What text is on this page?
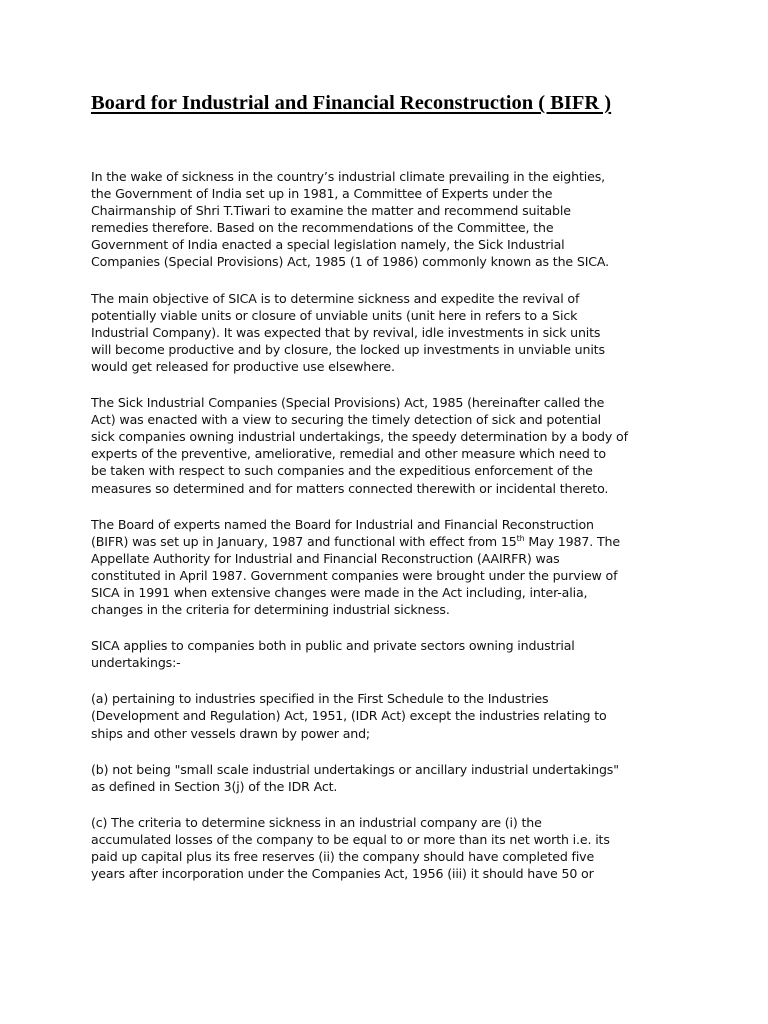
Board for Industrial and Financial Reconstruction ( BIFR )

In the wake of sickness in the country’s industrial climate prevailing in the eighties,
the Government of India set up in 1981, a Committee of Experts under the
Chairmanship of Shri T.Tiwari to examine the matter and recommend suitable
remedies therefore. Based on the recommendations of the Committee, the
Government of India enacted a special legislation namely, the Sick Industrial
Companies (Special Provisions) Act, 1985 (1 of 1986) commonly known as the SICA.

The main objective of SICA is to determine sickness and expedite the revival of
potentially viable units or closure of unviable units (unit here in refers to a Sick
Industrial Company). It was expected that by revival, idle investments in sick units
will become productive and by closure, the locked up investments in unviable units
would get released for productive use elsewhere.

The Sick Industrial Companies (Special Provisions) Act, 1985 (hereinafter called the
Act) was enacted with a view to securing the timely detection of sick and potential
sick companies owning industrial undertakings, the speedy determination by a body of
experts of the preventive, ameliorative, remedial and other measure which need to
be taken with respect to such companies and the expeditious enforcement of the
measures so determined and for matters connected therewith or incidental thereto.

The Board of experts named the Board for Industrial and Financial Reconstruction
(BIFR) was set up in January, 1987 and functional with effect from 15th May 1987. The
Appellate Authority for Industrial and Financial Reconstruction (AAIRFR) was
constituted in April 1987. Government companies were brought under the purview of
SICA in 1991 when extensive changes were made in the Act including, inter-alia,
changes in the criteria for determining industrial sickness.

SICA applies to companies both in public and private sectors owning industrial
undertakings:-

(a) pertaining to industries specified in the First Schedule to the Industries
(Development and Regulation) Act, 1951, (IDR Act) except the industries relating to
ships and other vessels drawn by power and;

(b) not being "small scale industrial undertakings or ancillary industrial undertakings"
as defined in Section 3(j) of the IDR Act.

(c) The criteria to determine sickness in an industrial company are (i) the
accumulated losses of the company to be equal to or more than its net worth i.e. its
paid up capital plus its free reserves (ii) the company should have completed five
years after incorporation under the Companies Act, 1956 (iii) it should have 50 or
